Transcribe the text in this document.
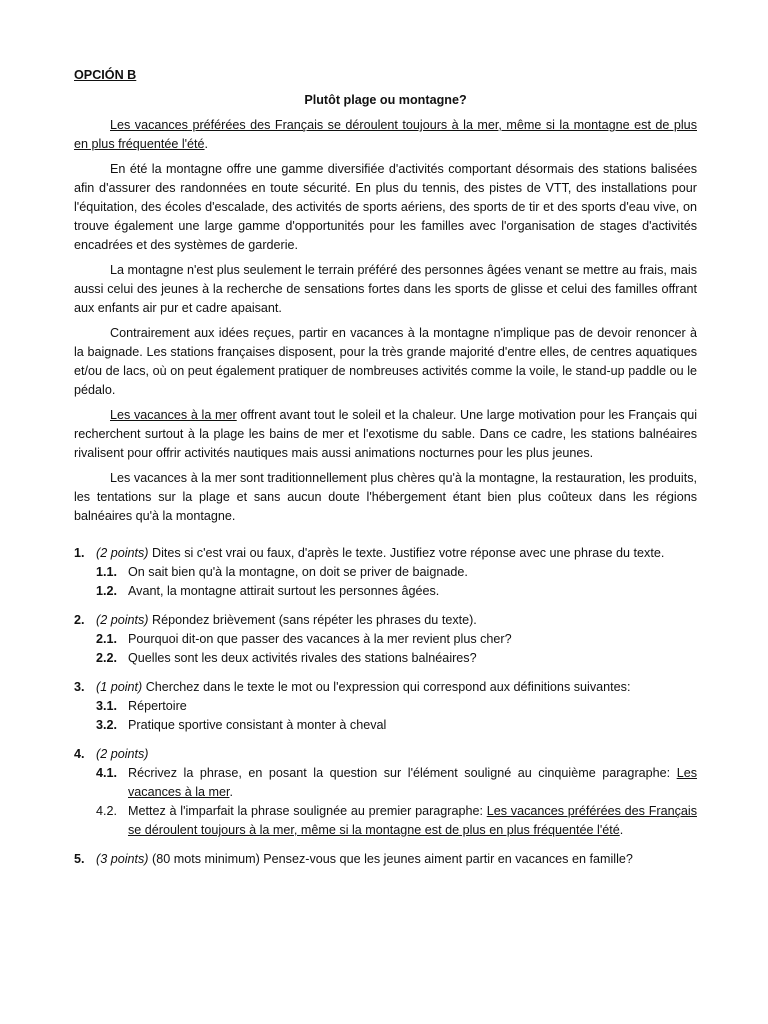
OPCIÓN B
Plutôt plage ou montagne?

Les vacances préférées des Français se déroulent toujours à la mer, même si la montagne est de plus en plus fréquentée l'été.

En été la montagne offre une gamme diversifiée d'activités comportant désormais des stations balisées afin d'assurer des randonnées en toute sécurité. En plus du tennis, des pistes de VTT, des installations pour l'équitation, des écoles d'escalade, des activités de sports aériens, des sports de tir et des sports d'eau vive, on trouve également une large gamme d'opportunités pour les familles avec l'organisation de stages d'activités encadrées et des systèmes de garderie.

La montagne n'est plus seulement le terrain préféré des personnes âgées venant se mettre au frais, mais aussi celui des jeunes à la recherche de sensations fortes dans les sports de glisse et celui des familles offrant aux enfants air pur et cadre apaisant.

Contrairement aux idées reçues, partir en vacances à la montagne n'implique pas de devoir renoncer à la baignade. Les stations françaises disposent, pour la très grande majorité d'entre elles, de centres aquatiques et/ou de lacs, où on peut également pratiquer de nombreuses activités comme la voile, le stand-up paddle ou le pédalo.

Les vacances à la mer offrent avant tout le soleil et la chaleur. Une large motivation pour les Français qui recherchent surtout à la plage les bains de mer et l'exotisme du sable. Dans ce cadre, les stations balnéaires rivalisent pour offrir activités nautiques mais aussi animations nocturnes pour les plus jeunes.

Les vacances à la mer sont traditionnellement plus chères qu'à la montagne, la restauration, les produits, les tentations sur la plage et sans aucun doute l'hébergement étant bien plus coûteux dans les régions balnéaires qu'à la montagne.

1. (2 points) Dites si c'est vrai ou faux, d'après le texte. Justifiez votre réponse avec une phrase du texte.
1.1. On sait bien qu'à la montagne, on doit se priver de baignade.
1.2. Avant, la montagne attirait surtout les personnes âgées.
2. (2 points) Répondez brièvement (sans répéter les phrases du texte).
2.1. Pourquoi dit-on que passer des vacances à la mer revient plus cher?
2.2. Quelles sont les deux activités rivales des stations balnéaires?
3. (1 point) Cherchez dans le texte le mot ou l'expression qui correspond aux définitions suivantes:
3.1. Répertoire
3.2. Pratique sportive consistant à monter à cheval
4. (2 points)
4.1. Récrivez la phrase, en posant la question sur l'élément souligné au cinquième paragraphe: Les vacances à la mer.
4.2. Mettez à l'imparfait la phrase soulignée au premier paragraphe: Les vacances préférées des Français se déroulent toujours à la mer, même si la montagne est de plus en plus fréquentée l'été.
5. (3 points) (80 mots minimum) Pensez-vous que les jeunes aiment partir en vacances en famille?
